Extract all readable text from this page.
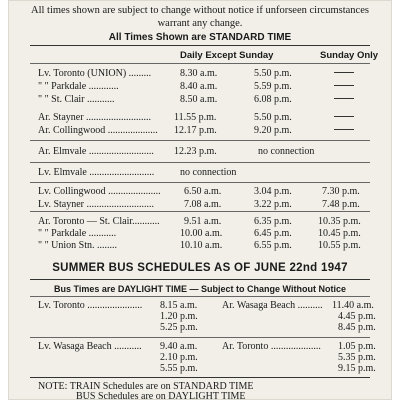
All times shown are subject to change without notice if unforseen circumstances
warrant any change.
All Times Shown are STANDARD TIME
Daily Except Sunday	Sunday Only
Lv. Toronto (UNION) .........	8.30 a.m.	5.50 p.m.
" " Parkdale ............	8.40 a.m.	5.59 p.m.
" " St. Clair ...........	8.50 a.m.	6.08 p.m.
Ar. Stayner .......................... 11.55 p.m.	5.50 p.m.
Ar. Collingwood .................... 12.17 p.m.	9.20 p.m.
Ar. Elmvale .......................... 12.23 p.m.	no connection
Lv. Elmvale ..........................	no connection
Lv. Collingwood ..................... 6.50 a.m.	3.04 p.m.	7.30 p.m.
Lv. Stayner ...........................	7.08 a.m.	3.22 p.m.	7.48 p.m.
Ar. Toronto — St. Clair........... 9.51 a.m.	6.35 p.m.	10.35 p.m.
" " Parkdale ...........	10.00 a.m.	6.45 p.m.	10.45 p.m.
" " Union Stn. ........	10.10 a.m.	6.55 p.m.	10.55 p.m.
SUMMER BUS SCHEDULES AS OF JUNE 22nd 1947
Bus Times are DAYLIGHT TIME — Subject to Change Without Notice
Lv. Toronto ...................... 8.15 a.m. Ar. Wasaga Beach .......... 11.40 a.m.
1.20 p.m.	4.45 p.m.
5.25 p.m.	8.45 p.m.
Lv. Wasaga Beach ........... 9.40 a.m. Ar. Toronto .................... 1.05 p.m.
2.10 p.m.	5.35 p.m.
5.55 p.m.	9.15 p.m.
NOTE: TRAIN Schedules are on STANDARD TIME
BUS Schedules are on DAYLIGHT TIME
